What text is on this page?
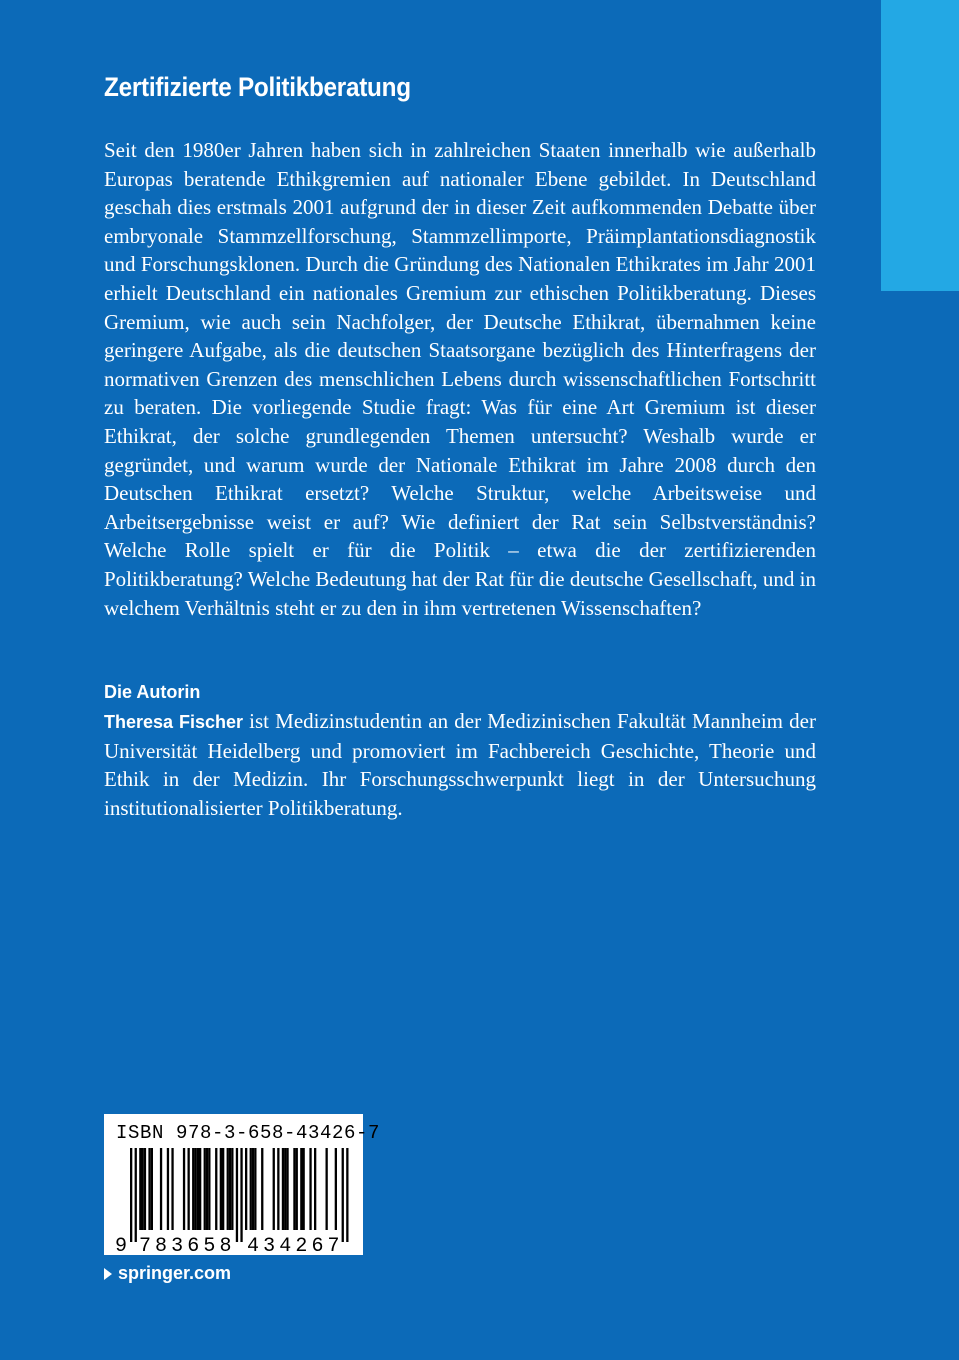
Zertifizierte Politikberatung

Seit den 1980er Jahren haben sich in zahlreichen Staaten innerhalb wie außerhalb Europas beratende Ethikgremien auf nationaler Ebene gebildet. In Deutschland geschah dies erstmals 2001 aufgrund der in dieser Zeit aufkommenden Debatte über embryonale Stammzellforschung, Stammzellimporte, Präimplantationsdiagnostik und Forschungsklonen. Durch die Gründung des Nationalen Ethikrates im Jahr 2001 erhielt Deutschland ein nationales Gremium zur ethischen Politikberatung. Dieses Gremium, wie auch sein Nachfolger, der Deutsche Ethikrat, übernahmen keine geringere Aufgabe, als die deutschen Staatsorgane bezüglich des Hinterfragens der normativen Grenzen des menschlichen Lebens durch wissenschaftlichen Fortschritt zu beraten. Die vorliegende Studie fragt: Was für eine Art Gremium ist dieser Ethikrat, der solche grundlegenden Themen untersucht? Weshalb wurde er gegründet, und warum wurde der Nationale Ethikrat im Jahre 2008 durch den Deutschen Ethikrat ersetzt? Welche Struktur, welche Arbeitsweise und Arbeitsergebnisse weist er auf? Wie definiert der Rat sein Selbstverständnis? Welche Rolle spielt er für die Politik – etwa die der zertifizierenden Politikberatung? Welche Bedeutung hat der Rat für die deutsche Gesellschaft, und in welchem Verhältnis steht er zu den in ihm vertretenen Wissenschaften?

Die Autorin

Theresa Fischer ist Medizinstudentin an der Medizinischen Fakultät Mannheim der Universität Heidelberg und promoviert im Fachbereich Geschichte, Theorie und Ethik in der Medizin. Ihr Forschungsschwerpunkt liegt in der Untersuchung institutionalisierter Politikberatung.

9 7 8 3 6 5 8 4 3 4 2 6 7
ISBN 978-3-658-43426-7
springer.com
